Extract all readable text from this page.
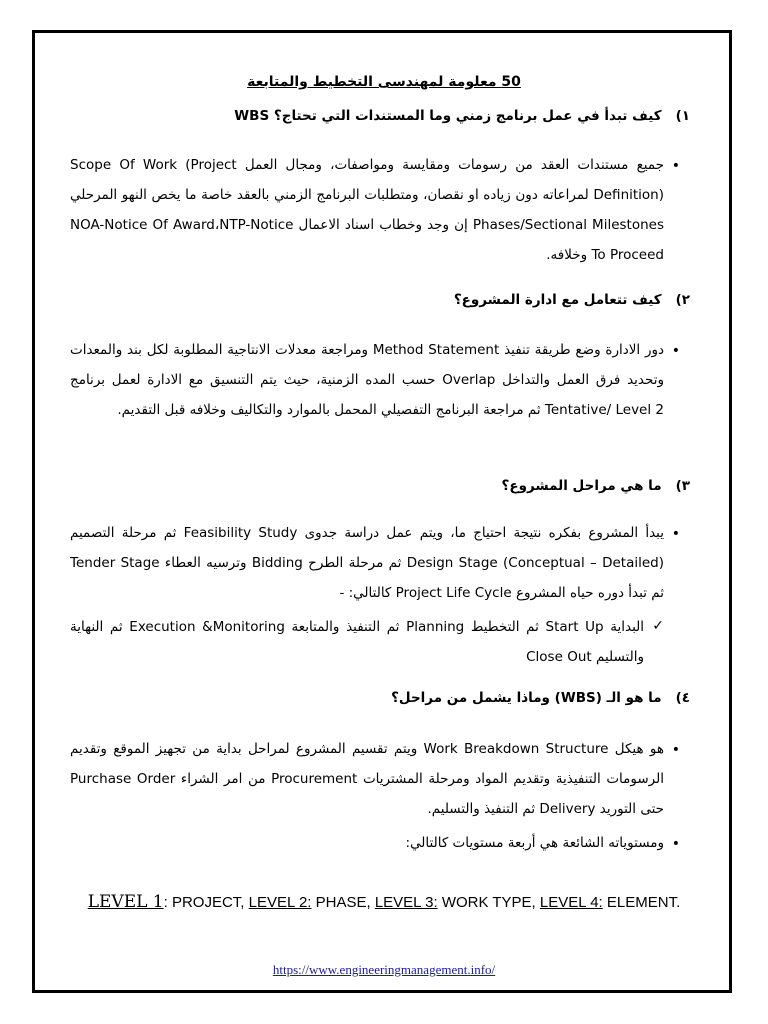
50 معلومة لمهندسى التخطيط والمتابعة
١)كيف تبدأ في عمل برنامج زمني وما المستندات التي تحتاج؟ WBS
•
جميع مستندات العقد من رسومات ومقايسة ومواصفات، ومجال العمل Scope Of Work (Project Definition) لمراعاته دون زياده او نقصان، ومتطلبات البرنامج الزمني بالعقد خاصة ما يخص النهو المرحلي Phases/Sectional Milestones إن وجد وخطاب اسناد الاعمال NOA-Notice Of Award،NTP-Notice To Proceed وخلافه.
٢)كيف تتعامل مع ادارة المشروع؟
•
دور الادارة وضع طريقة تنفيذ Method Statement ومراجعة معدلات الانتاجية المطلوبة لكل بند والمعدات وتحديد فرق العمل والتداخل Overlap حسب المده الزمنية، حيث يتم التنسيق مع الادارة لعمل برنامج Tentative/ Level 2 ثم مراجعة البرنامج التفصيلي المحمل بالموارد والتكاليف وخلافه قبل التقديم.
٣)ما هي مراحل المشروع؟
•
يبدأ المشروع بفكره نتيجة احتياج ما، ويتم عمل دراسة جدوى Feasibility Study ثم مرحلة التصميم Design Stage (Conceptual – Detailed) ثم مرحلة الطرح Bidding وترسيه العطاء Tender Stage ثم تبدأ دوره حياه المشروع Project Life Cycle كالتالي: -
✓
البداية Start Up ثم التخطيط Planning ثم التنفيذ والمتابعة Execution &Monitoring ثم النهاية والتسليم Close Out
٤)ما هو الـ (WBS) وماذا يشمل من مراحل؟
•
هو هيكل Work Breakdown Structure ويتم تقسيم المشروع لمراحل بداية من تجهيز الموقع وتقديم الرسومات التنفيذية وتقديم المواد ومرحلة المشتريات Procurement من امر الشراء Purchase Order حتى التوريد Delivery ثم التنفيذ والتسليم.
•
ومستوياته الشائعة هي أربعة مستويات كالتالي:
LEVEL 1: PROJECT, LEVEL 2: PHASE, LEVEL 3: WORK TYPE, LEVEL 4: ELEMENT.
https://www.engineeringmanagement.info/
